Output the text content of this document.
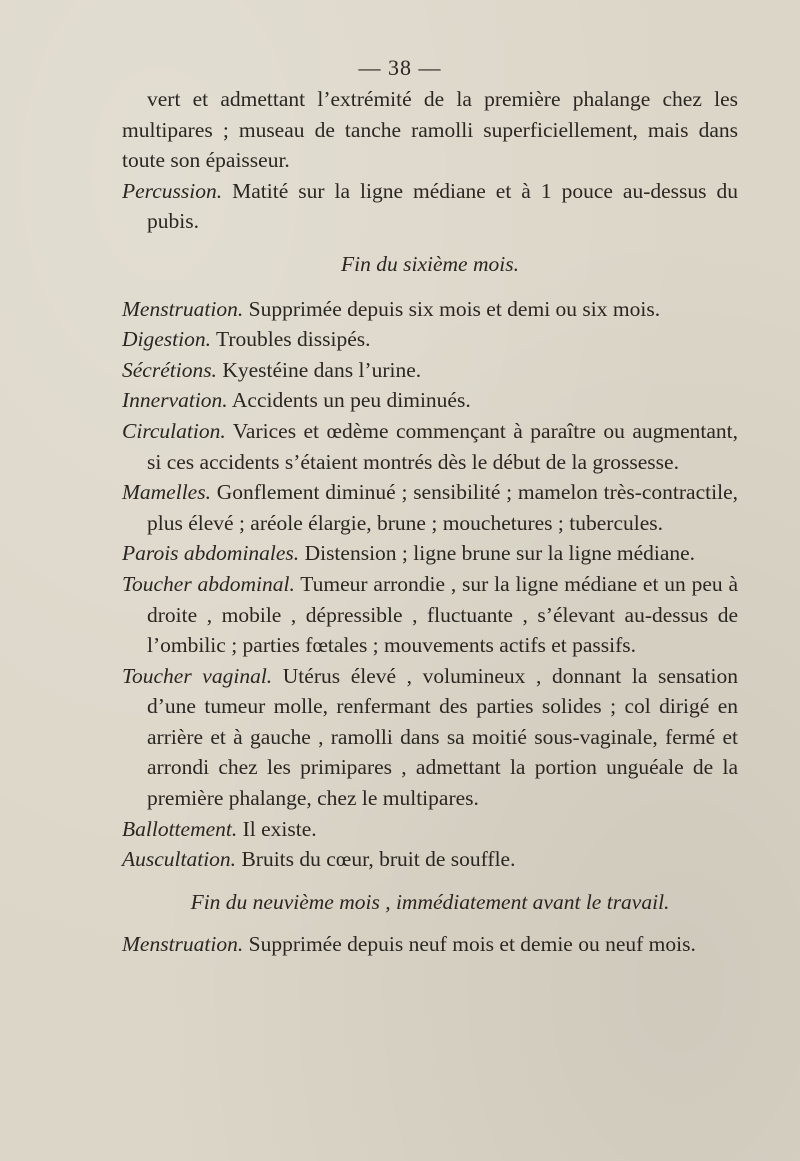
— 38 —

vert et admettant l’extrémité de la première phalange chez les multipares ; museau de tanche ramolli superficiellement, mais dans toute son épaisseur.

Percussion. Matité sur la ligne médiane et à 1 pouce au-dessus du pubis.

Fin du sixième mois.

Menstruation. Supprimée depuis six mois et demi ou six mois.

Digestion. Troubles dissipés.

Sécrétions. Kyestéine dans l’urine.

Innervation. Accidents un peu diminués.

Circulation. Varices et œdème commençant à paraître ou augmentant, si ces accidents s’étaient montrés dès le début de la grossesse.

Mamelles. Gonflement diminué ; sensibilité ; mamelon très-contractile, plus élevé ; aréole élargie, brune ; mouchetures ; tubercules.

Parois abdominales. Distension ; ligne brune sur la ligne médiane.

Toucher abdominal. Tumeur arrondie , sur la ligne médiane et un peu à droite , mobile , dépressible , fluctuante , s’élevant au-dessus de l’ombilic ; parties fœtales ; mouvements actifs et passifs.

Toucher vaginal. Utérus élevé , volumineux , donnant la sensation d’une tumeur molle, renfermant des parties solides ; col dirigé en arrière et à gauche , ramolli dans sa moitié sous-vaginale, fermé et arrondi chez les primipares , admettant la portion unguéale de la première phalange, chez le multipares.

Ballottement. Il existe.

Auscultation. Bruits du cœur, bruit de souffle.

Fin du neuvième mois , immédiatement avant le travail.

Menstruation. Supprimée depuis neuf mois et demie ou neuf mois.
